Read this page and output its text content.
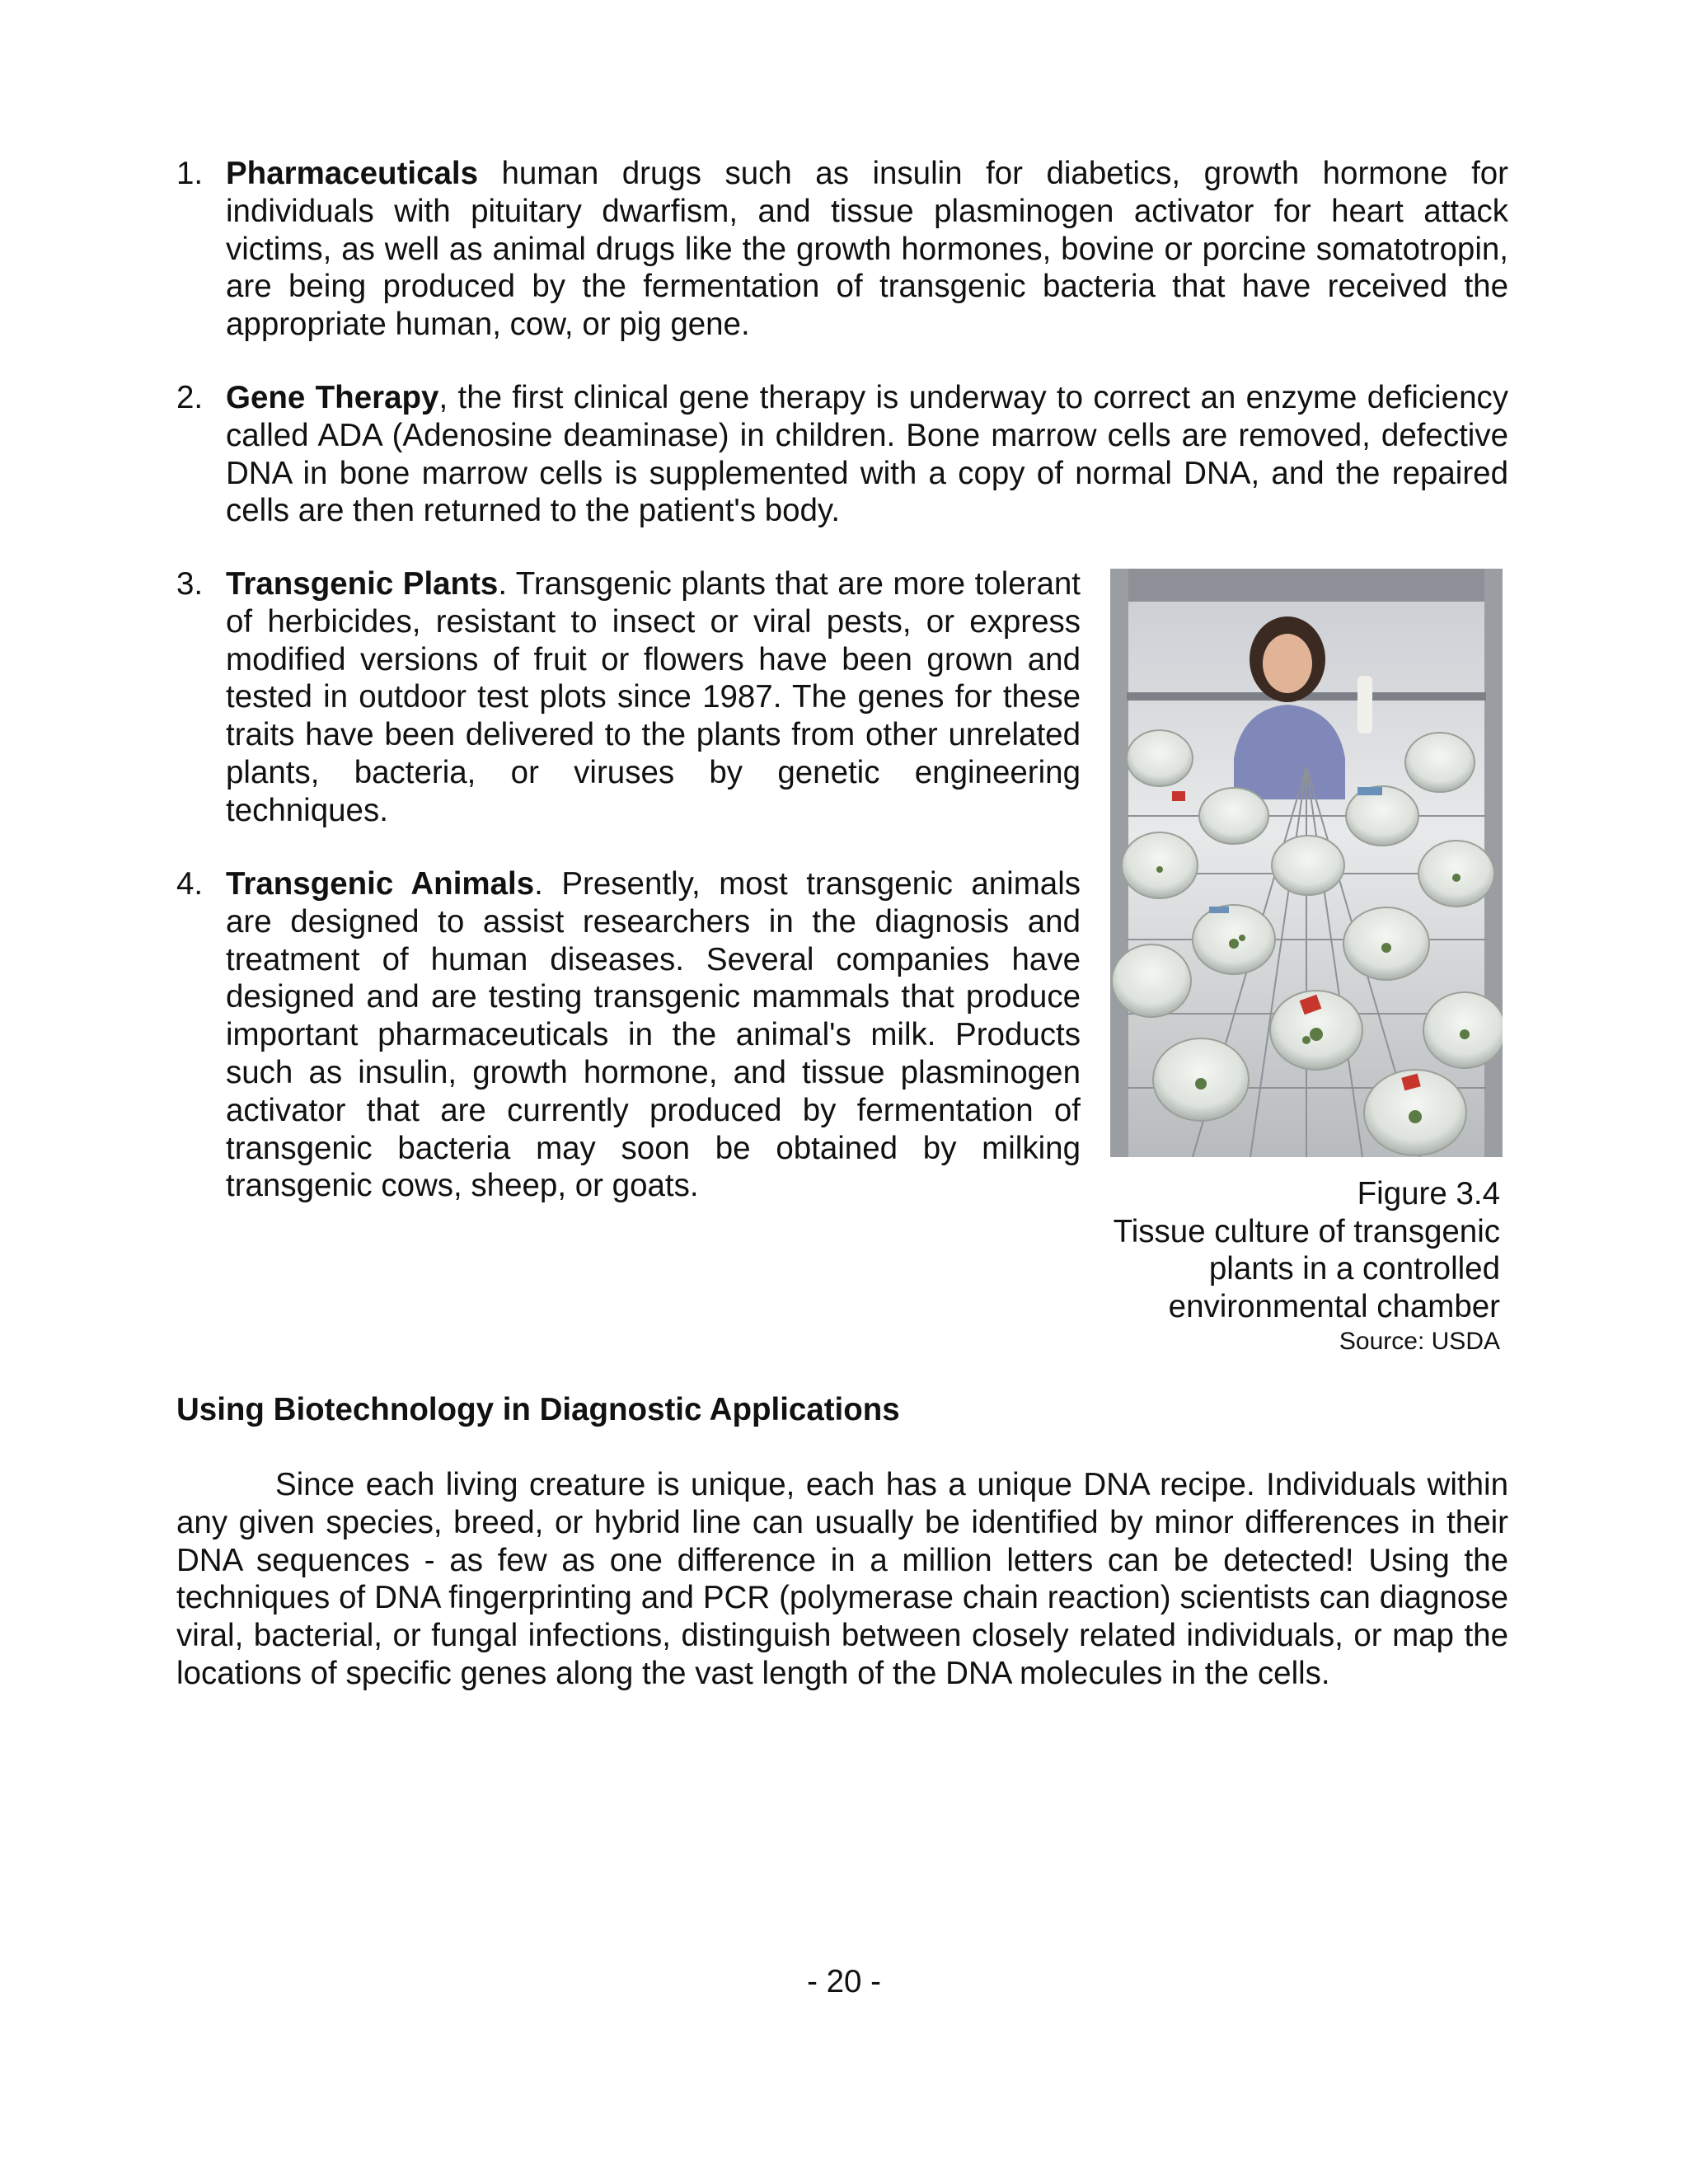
1. Pharmaceuticals human drugs such as insulin for diabetics, growth hormone for individuals with pituitary dwarfism, and tissue plasminogen activator for heart attack victims, as well as animal drugs like the growth hormones, bovine or porcine somatotropin, are being produced by the fermentation of transgenic bacteria that have received the appropriate human, cow, or pig gene.
2. Gene Therapy, the first clinical gene therapy is underway to correct an enzyme deficiency called ADA (Adenosine deaminase) in children. Bone marrow cells are removed, defective DNA in bone marrow cells is supplemented with a copy of normal DNA, and the repaired cells are then returned to the patient's body.
3. Transgenic Plants. Transgenic plants that are more tolerant of herbicides, resistant to insect or viral pests, or express modified versions of fruit or flowers have been grown and tested in outdoor test plots since 1987. The genes for these traits have been delivered to the plants from other unrelated plants, bacteria, or viruses by genetic engineering techniques.
4. Transgenic Animals. Presently, most transgenic animals are designed to assist researchers in the diagnosis and treatment of human diseases. Several companies have designed and are testing transgenic mammals that produce important pharmaceuticals in the animal's milk. Products such as insulin, growth hormone, and tissue plasminogen activator that are currently produced by fermentation of transgenic bacteria may soon be obtained by milking transgenic cows, sheep, or goats.	Figure 3.4
Tissue culture of transgenic
plants in a controlled
environmental chamber
Source: USDA
Using Biotechnology in Diagnostic Applications
Since each living creature is unique, each has a unique DNA recipe. Individuals within any given species, breed, or hybrid line can usually be identified by minor differences in their DNA sequences - as few as one difference in a million letters can be detected! Using the techniques of DNA fingerprinting and PCR (polymerase chain reaction) scientists can diagnose viral, bacterial, or fungal infections, distinguish between closely related individuals, or map the locations of specific genes along the vast length of the DNA molecules in the cells.
- 20 -
